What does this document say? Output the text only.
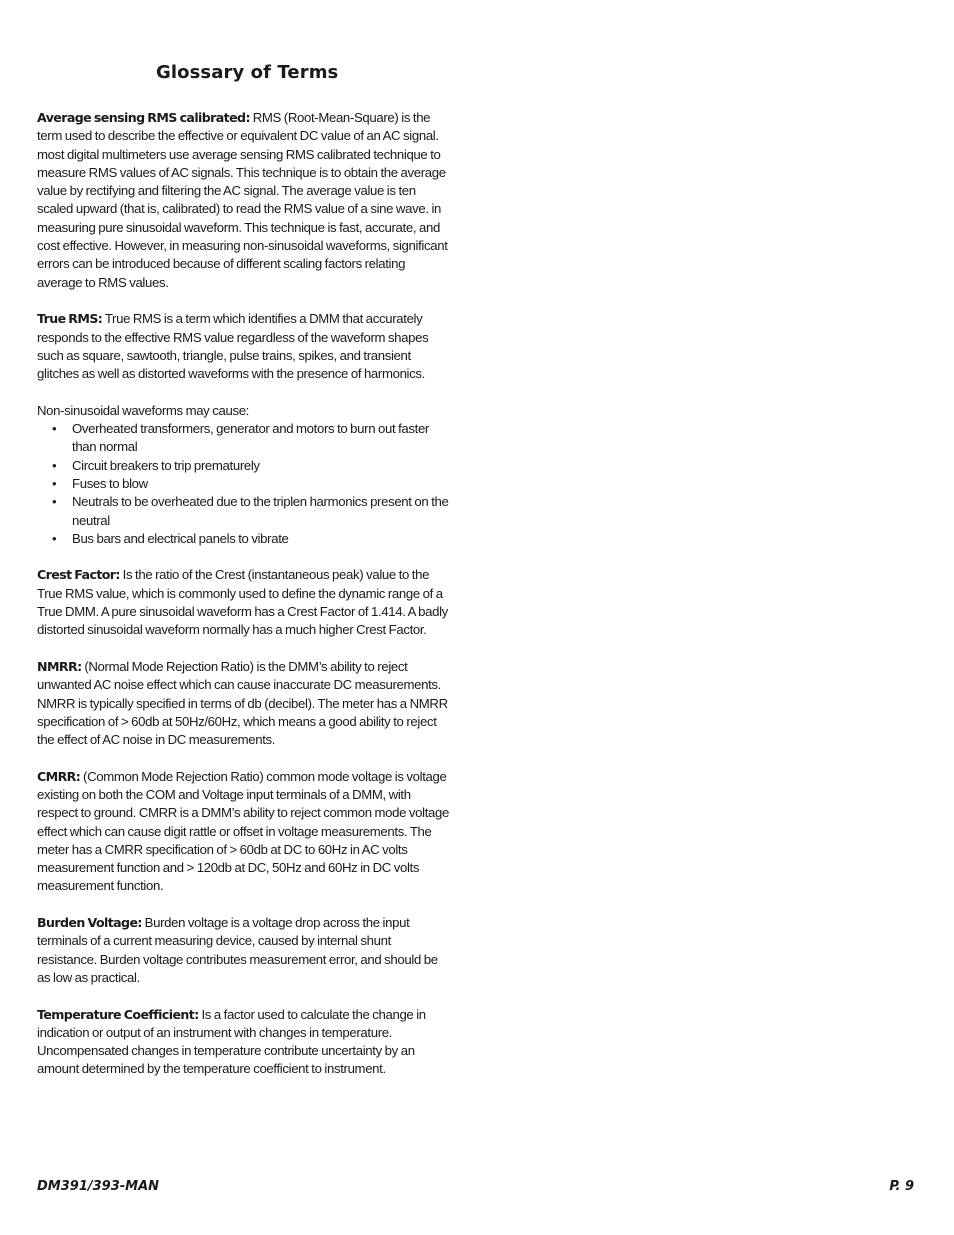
Glossary of Terms

Average sensing RMS calibrated: RMS (Root-Mean-Square) is the term used to describe the effective or equivalent DC value of an AC signal. most digital multimeters use average sensing RMS calibrated technique to measure RMS values of AC signals. This technique is to obtain the average value by rectifying and filtering the AC signal. The average value is ten scaled upward (that is, calibrated) to read the RMS value of a sine wave. in measuring pure sinusoidal waveform. This technique is fast, accurate, and cost effective. However, in measuring non-sinusoidal waveforms, significant errors can be introduced because of different scaling factors relating average to RMS values.

True RMS: True RMS is a term which identifies a DMM that accurately responds to the effective RMS value regardless of the waveform shapes such as square, sawtooth, triangle, pulse trains, spikes, and transient glitches as well as distorted waveforms with the presence of harmonics.

Non-sinusoidal waveforms may cause:
• Overheated transformers, generator and motors to burn out faster than normal
• Circuit breakers to trip prematurely
• Fuses to blow
• Neutrals to be overheated due to the triplen harmonics present on the neutral
• Bus bars and electrical panels to vibrate

Crest Factor: Is the ratio of the Crest (instantaneous peak) value to the True RMS value, which is commonly used to define the dynamic range of a True DMM. A pure sinusoidal waveform has a Crest Factor of 1.414. A badly distorted sinusoidal waveform normally has a much higher Crest Factor.

NMRR: (Normal Mode Rejection Ratio) is the DMM’s ability to reject unwanted AC noise effect which can cause inaccurate DC measurements. NMRR is typically specified in terms of db (decibel). The meter has a NMRR specification of > 60db at 50Hz/60Hz, which means a good ability to reject the effect of AC noise in DC measurements.

CMRR: (Common Mode Rejection Ratio) common mode voltage is voltage existing on both the COM and Voltage input terminals of a DMM, with respect to ground. CMRR is a DMM’s ability to reject common mode voltage effect which can cause digit rattle or offset in voltage measurements. The meter has a CMRR specification of > 60db at DC to 60Hz in AC volts measurement function and > 120db at DC, 50Hz and 60Hz in DC volts measurement function.

Burden Voltage: Burden voltage is a voltage drop across the input terminals of a current measuring device, caused by internal shunt resistance. Burden voltage contributes measurement error, and should be as low as practical.

Temperature Coefficient: Is a factor used to calculate the change in indication or output of an instrument with changes in temperature. Uncompensated changes in temperature contribute uncertainty by an amount determined by the temperature coefficient to instrument.

DM391/393-MAN	P. 9
